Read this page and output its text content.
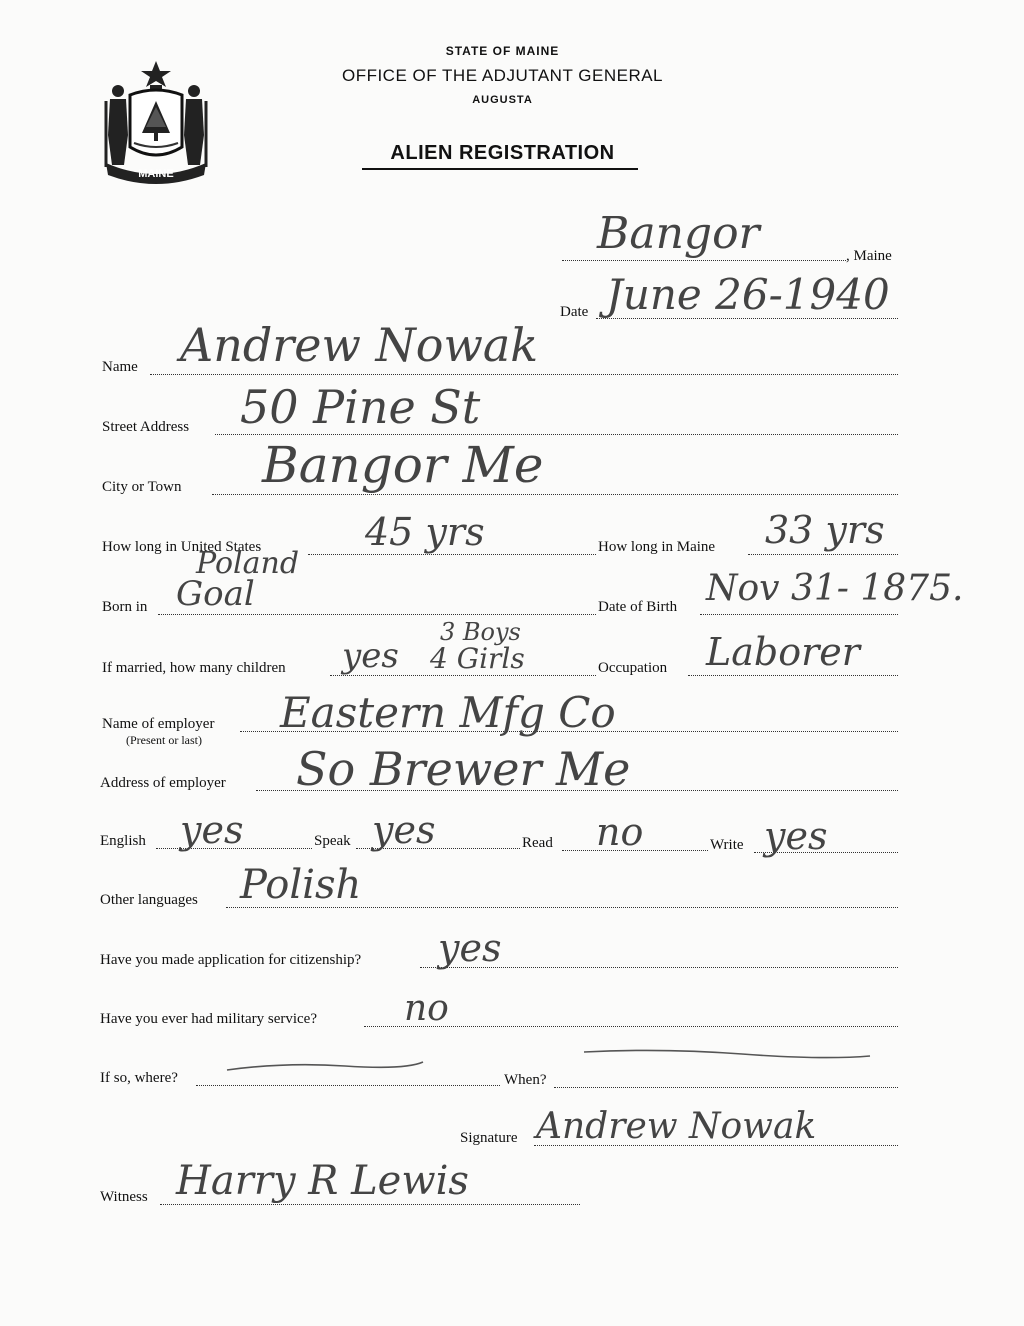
MAINE
STATE OF MAINE
OFFICE OF THE ADJUTANT GENERAL
AUGUSTA
ALIEN REGISTRATION
Bangor	, Maine
Date June 26-1940
Name Andrew Nowak
Street Address 50 Pine St
City or Town Bangor Me
How long in United States	45 yrs	How long in Maine 33 yrs
Poland
Born in Goal	Date of Birth Nov 31- 1875.
3 Boys
If married, how many children yes 4 Girls	Occupation Laborer
Name of employer
(Present or last)
Eastern Mfg Co
Address of employer So Brewer Me
English yes	Speak yes	Read no	Write yes
Other languages Polish
Have you made application for citizenship? yes
Have you ever had military service? no
If so, where?	When?
Signature Andrew Nowak
Witness Harry R Lewis
